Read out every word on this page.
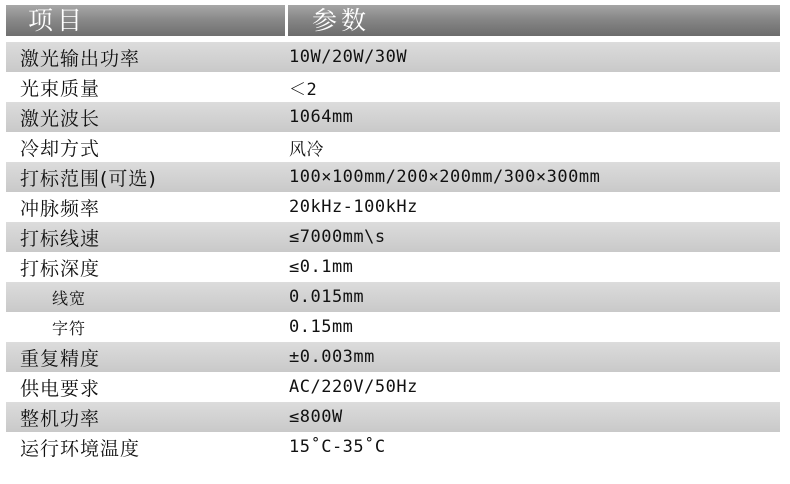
项目	参数
激光输出功率	10W/20W/30W
光束质量	＜2
激光波长	1064mm
冷却方式	风冷
打标范围(可选)	100×100mm/200×200mm/300×300mm
冲脉频率	20kHz-100kHz
打标线速	≤7000mm\s
打标深度	≤0.1mm
线宽	0.015mm
字符	0.15mm
重复精度	±0.003mm
供电要求	AC/220V/50Hz
整机功率	≤800W
运行环境温度	15˚C-35˚C
